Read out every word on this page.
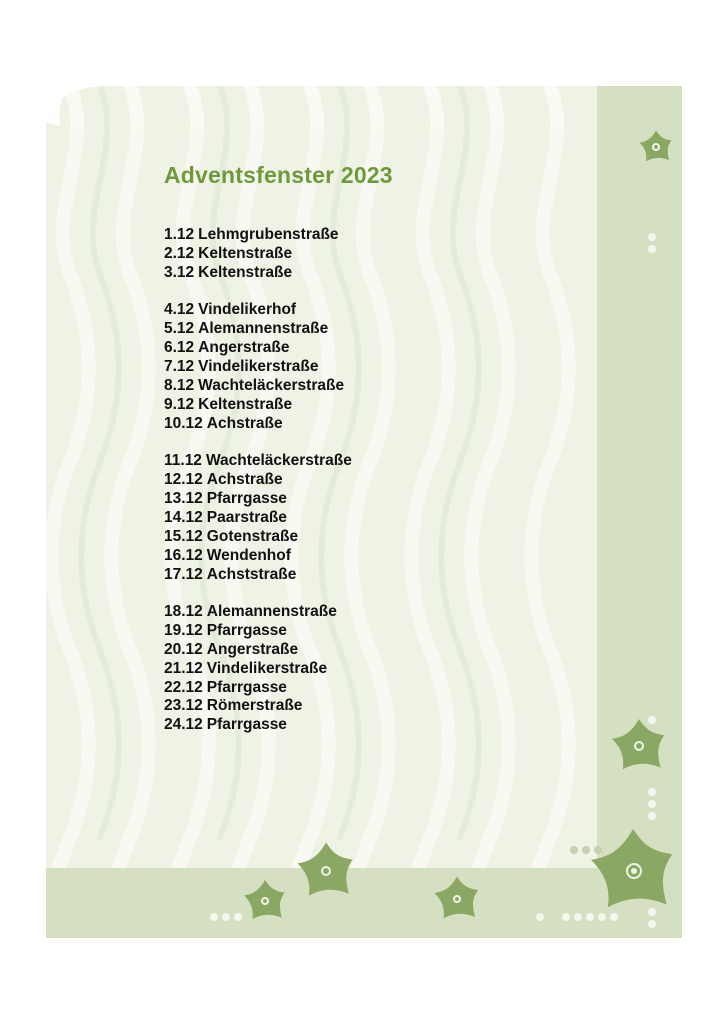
Adventsfenster 2023
1.12 Lehmgrubenstraße
2.12 Keltenstraße
3.12 Keltenstraße
4.12 Vindelikerhof
5.12 Alemannenstraße
6.12 Angerstraße
7.12 Vindelikerstraße
8.12 Wachteläckerstraße
9.12 Keltenstraße
10.12 Achstraße
11.12 Wachteläckerstraße
12.12 Achstraße
13.12 Pfarrgasse
14.12 Paarstraße
15.12 Gotenstraße
16.12 Wendenhof
17.12 Achststraße
18.12 Alemannenstraße
19.12 Pfarrgasse
20.12 Angerstraße
21.12 Vindelikerstraße
22.12 Pfarrgasse
23.12 Römerstraße
24.12 Pfarrgasse
